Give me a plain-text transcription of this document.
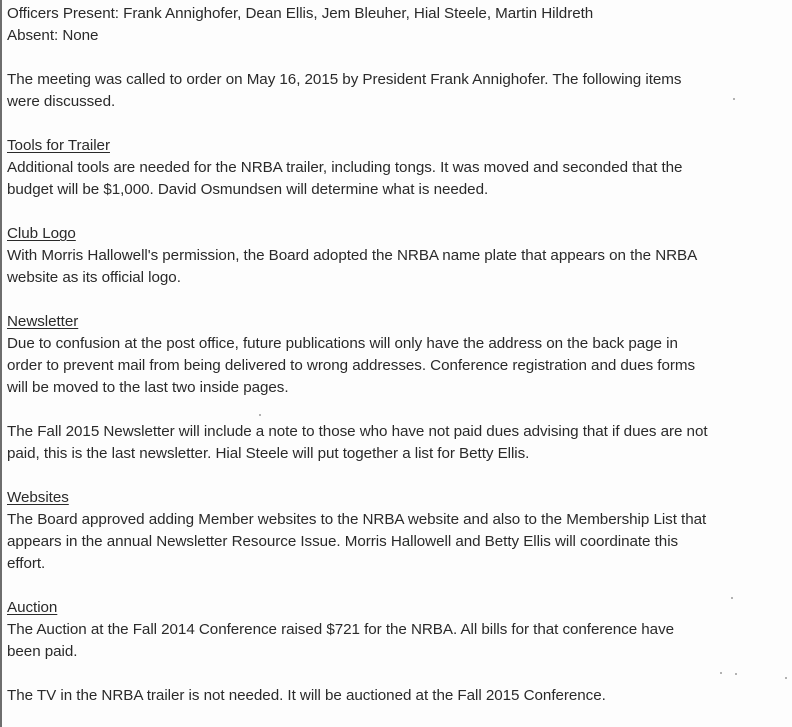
Officers Present: Frank Annighofer, Dean Ellis, Jem Bleuher, Hial Steele, Martin Hildreth
Absent: None
The meeting was called to order on May 16, 2015 by President Frank Annighofer. The following items
were discussed.
Tools for Trailer
Additional tools are needed for the NRBA trailer, including tongs. It was moved and seconded that the
budget will be $1,000. David Osmundsen will determine what is needed.
Club Logo
With Morris Hallowell's permission, the Board adopted the NRBA name plate that appears on the NRBA
website as its official logo.
Newsletter
Due to confusion at the post office, future publications will only have the address on the back page in
order to prevent mail from being delivered to wrong addresses. Conference registration and dues forms
will be moved to the last two inside pages.
The Fall 2015 Newsletter will include a note to those who have not paid dues advising that if dues are not
paid, this is the last newsletter. Hial Steele will put together a list for Betty Ellis.
Websites
The Board approved adding Member websites to the NRBA website and also to the Membership List that
appears in the annual Newsletter Resource Issue. Morris Hallowell and Betty Ellis will coordinate this
effort.
Auction
The Auction at the Fall 2014 Conference raised $721 for the NRBA. All bills for that conference have
been paid.
The TV in the NRBA trailer is not needed. It will be auctioned at the Fall 2015 Conference.
